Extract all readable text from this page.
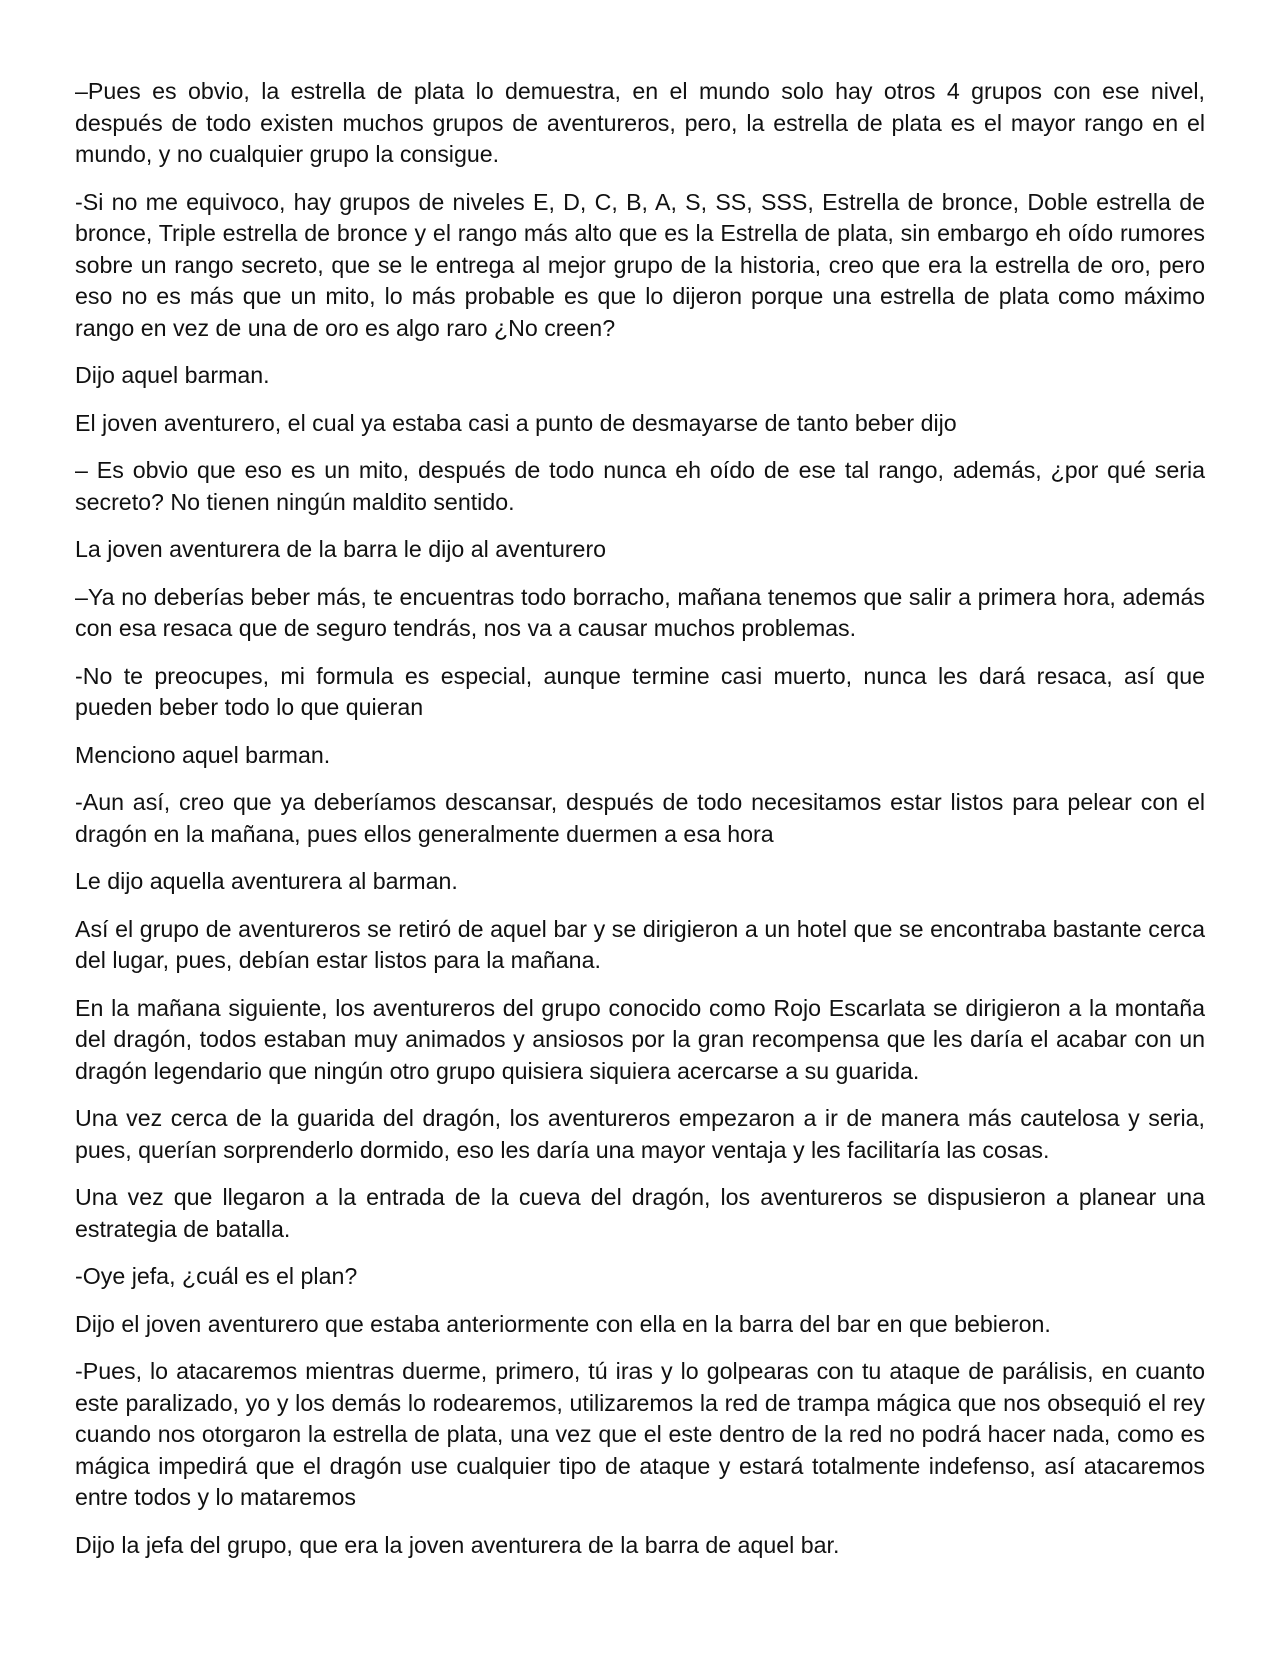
–Pues es obvio, la estrella de plata lo demuestra, en el mundo solo hay otros 4 grupos con ese nivel, después de todo existen muchos grupos de aventureros, pero, la estrella de plata es el mayor rango en el mundo, y no cualquier grupo la consigue.

-Si no me equivoco, hay grupos de niveles E, D, C, B, A, S, SS, SSS, Estrella de bronce, Doble estrella de bronce, Triple estrella de bronce y el rango más alto que es la Estrella de plata, sin embargo eh oído rumores sobre un rango secreto, que se le entrega al mejor grupo de la historia, creo que era la estrella de oro, pero eso no es más que un mito, lo más probable es que lo dijeron porque una estrella de plata como máximo rango en vez de una de oro es algo raro ¿No creen?

Dijo aquel barman.

El joven aventurero, el cual ya estaba casi a punto de desmayarse de tanto beber dijo

– Es obvio que eso es un mito, después de todo nunca eh oído de ese tal rango, además, ¿por qué seria secreto? No tienen ningún maldito sentido.

La joven aventurera de la barra le dijo al aventurero

–Ya no deberías beber más, te encuentras todo borracho, mañana tenemos que salir a primera hora, además con esa resaca que de seguro tendrás, nos va a causar muchos problemas.

-No te preocupes, mi formula es especial, aunque termine casi muerto, nunca les dará resaca, así que pueden beber todo lo que quieran

Menciono aquel barman.

-Aun así, creo que ya deberíamos descansar, después de todo necesitamos estar listos para pelear con el dragón en la mañana, pues ellos generalmente duermen a esa hora

Le dijo aquella aventurera al barman.

Así el grupo de aventureros se retiró de aquel bar y se dirigieron a un hotel que se encontraba bastante cerca del lugar, pues, debían estar listos para la mañana.

En la mañana siguiente, los aventureros del grupo conocido como Rojo Escarlata se dirigieron a la montaña del dragón, todos estaban muy animados y ansiosos por la gran recompensa que les daría el acabar con un dragón legendario que ningún otro grupo quisiera siquiera acercarse a su guarida.

Una vez cerca de la guarida del dragón, los aventureros empezaron a ir de manera más cautelosa y seria, pues, querían sorprenderlo dormido, eso les daría una mayor ventaja y les facilitaría las cosas.

Una vez que llegaron a la entrada de la cueva del dragón, los aventureros se dispusieron a planear una estrategia de batalla.

-Oye jefa, ¿cuál es el plan?

Dijo el joven aventurero que estaba anteriormente con ella en la barra del bar en que bebieron.

-Pues, lo atacaremos mientras duerme, primero, tú iras y lo golpearas con tu ataque de parálisis, en cuanto este paralizado, yo y los demás lo rodearemos, utilizaremos la red de trampa mágica que nos obsequió el rey cuando nos otorgaron la estrella de plata, una vez que el este dentro de la red no podrá hacer nada, como es mágica impedirá que el dragón use cualquier tipo de ataque y estará totalmente indefenso, así atacaremos entre todos y lo mataremos

Dijo la jefa del grupo, que era la joven aventurera de la barra de aquel bar.
